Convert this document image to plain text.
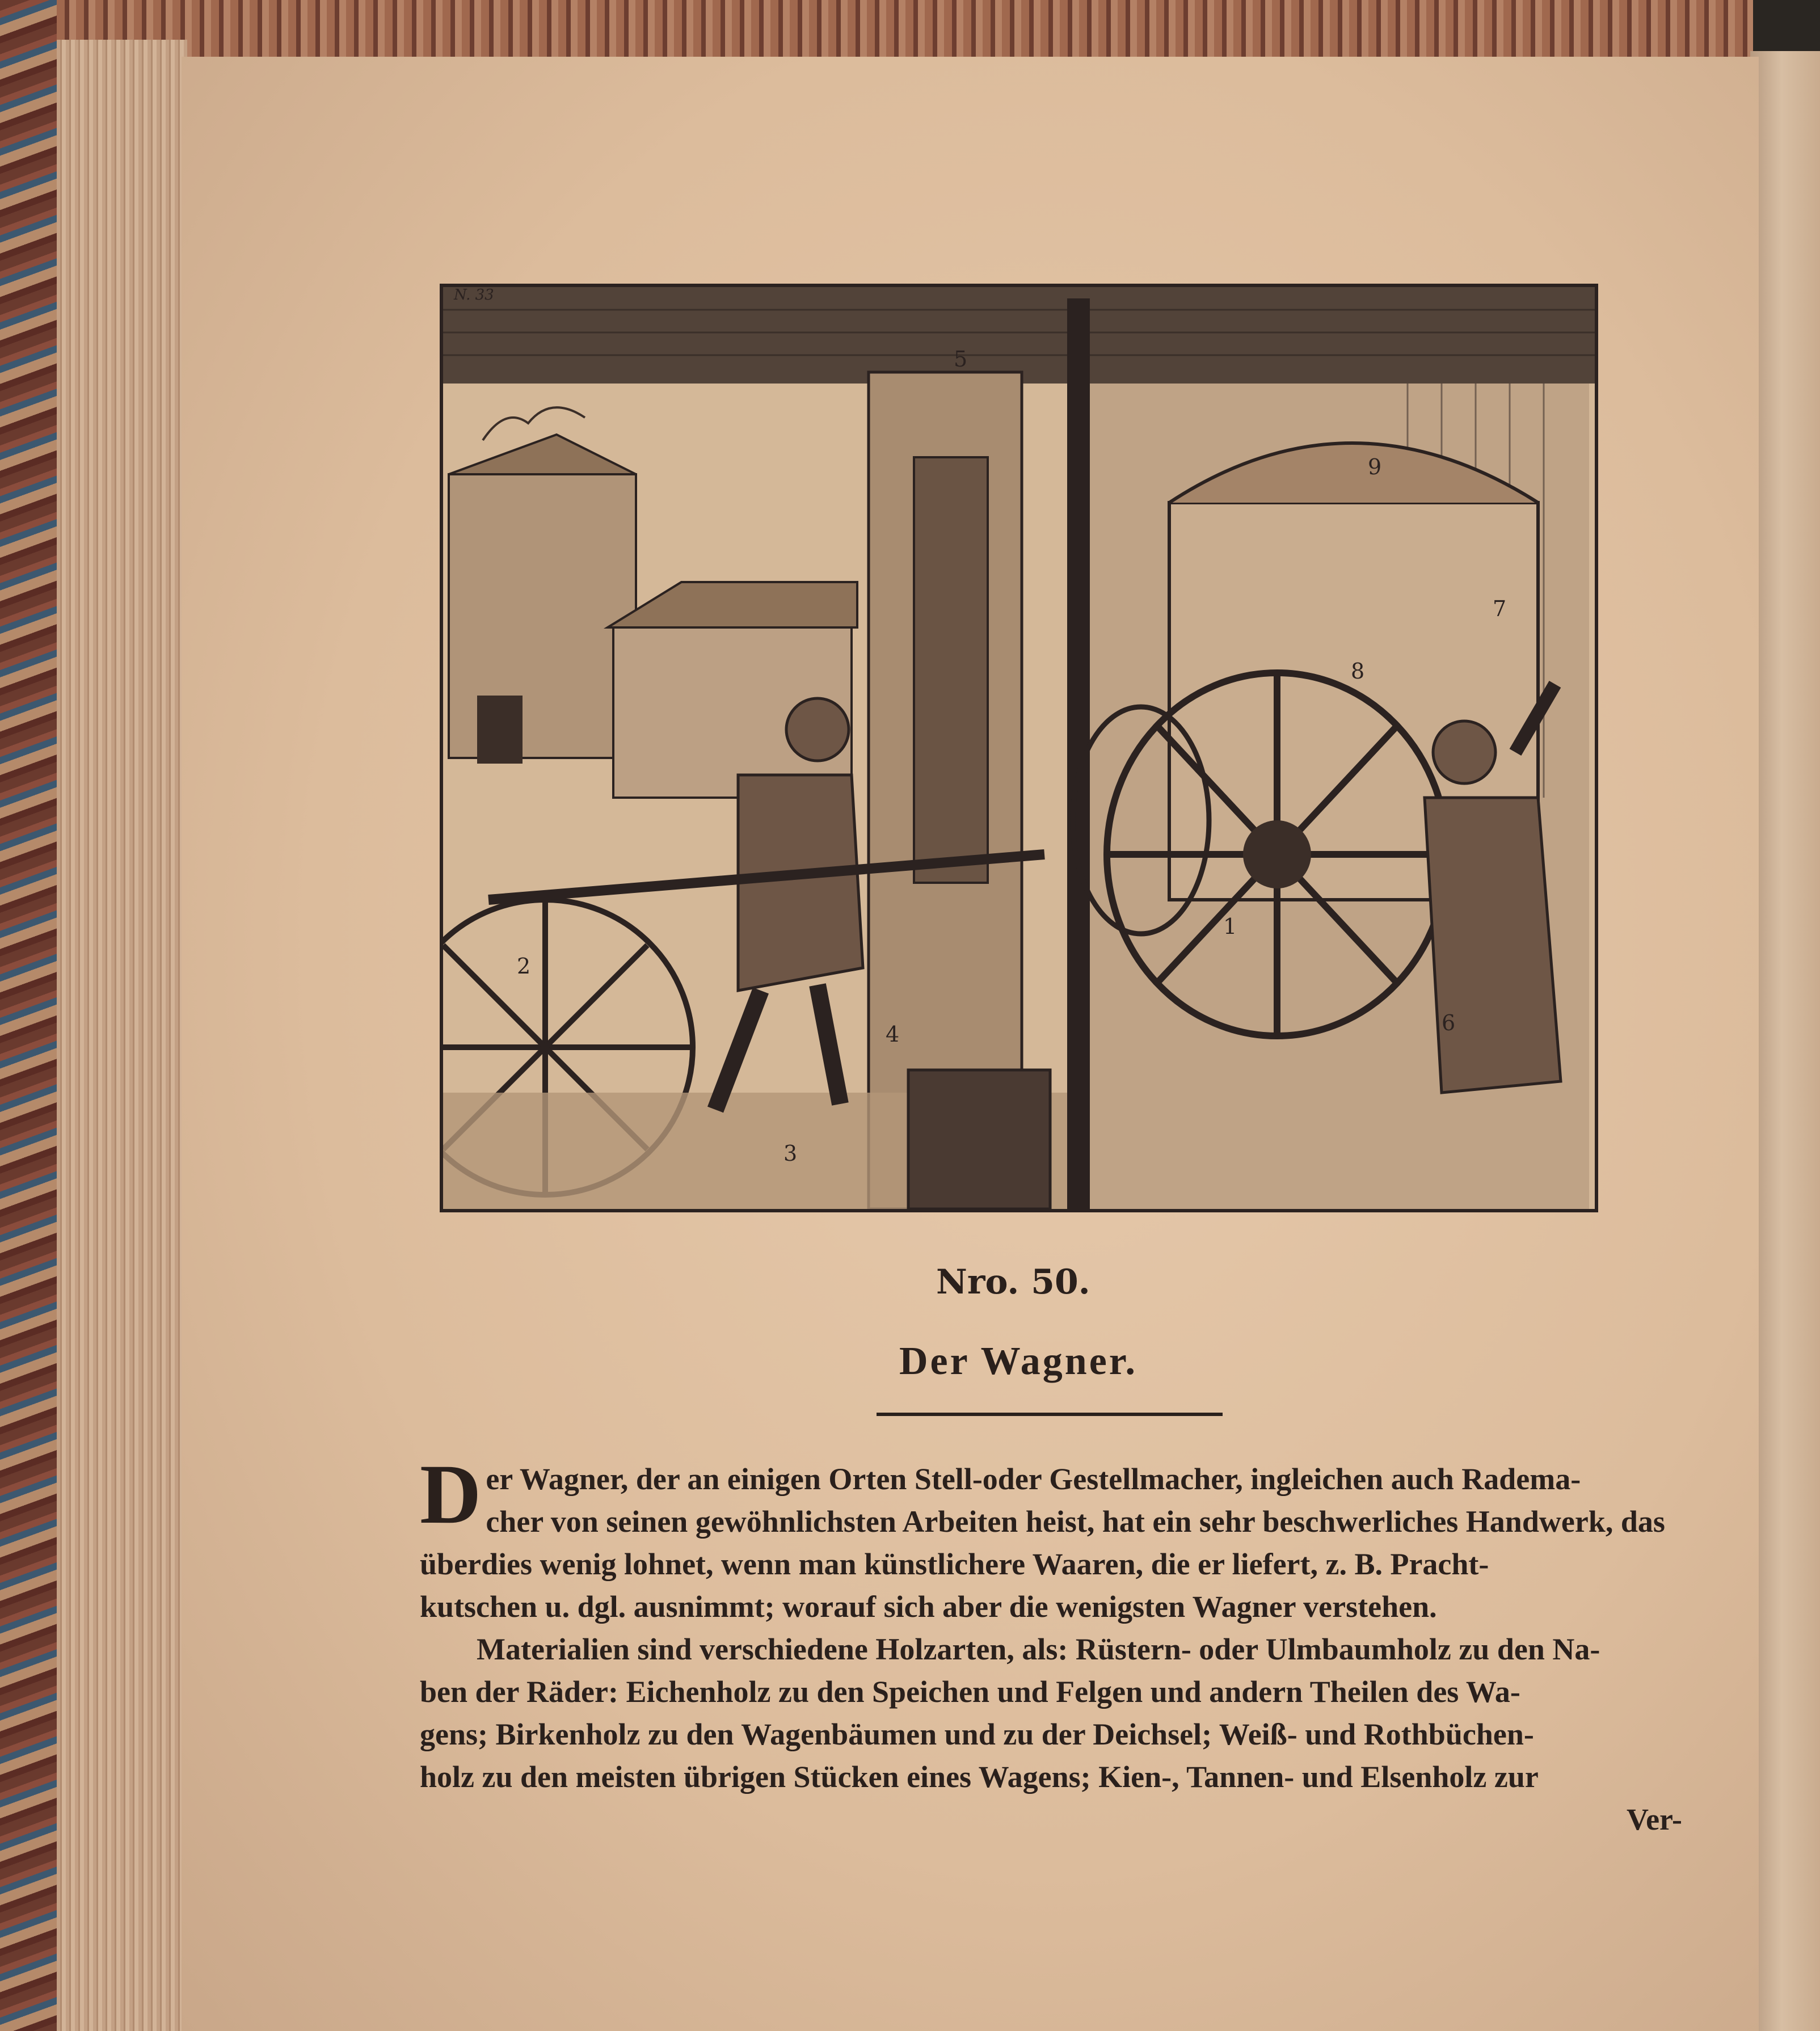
1
2
3
4
5
6
7
8
9
N. 33
Nro. 50.
Der Wagner.

D er Wagner, der an einigen Orten Stell-oder Gestellmacher, ingleichen auch Radema-
cher von seinen gewöhnlichsten Arbeiten heist, hat ein sehr beschwerliches Handwerk, das
überdies wenig lohnet, wenn man künstlichere Waaren, die er liefert, z. B. Pracht-
kutschen u. dgl. ausnimmt; worauf sich aber die wenigsten Wagner verstehen.

Materialien sind verschiedene Holzarten, als: Rüstern- oder Ulmbaumholz zu den Na-
ben der Räder: Eichenholz zu den Speichen und Felgen und andern Theilen des Wa-
gens; Birkenholz zu den Wagenbäumen und zu der Deichsel; Weiß- und Rothbüchen-
holz zu den meisten übrigen Stücken eines Wagens; Kien-, Tannen- und Elsenholz zur
Ver-
